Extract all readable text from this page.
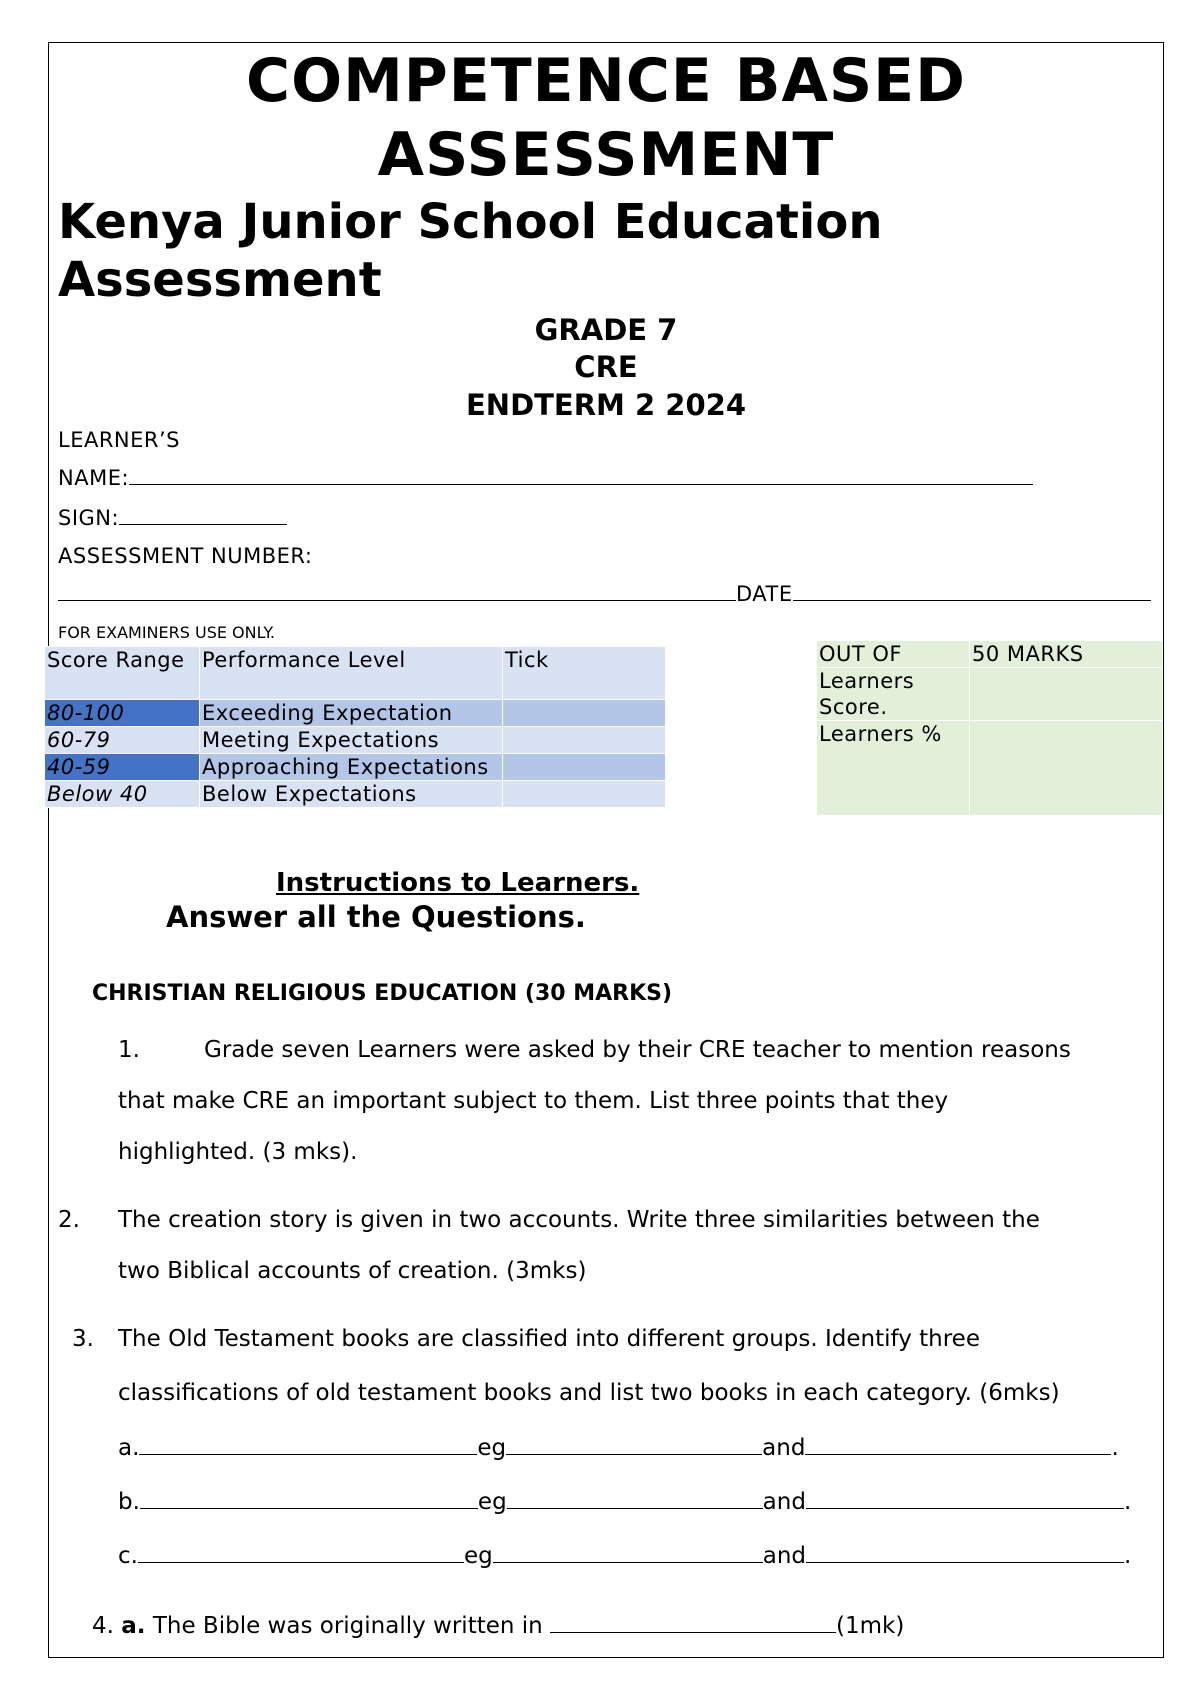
COMPETENCE BASED ASSESSMENT
Kenya Junior School Education Assessment
GRADE 7
CRE
ENDTERM 2 2024
LEARNER’S
NAME:
SIGN:
ASSESSMENT NUMBER:
DATE
FOR EXAMINERS USE ONLY.
Score Range	Performance Level	Tick
80-100	Exceeding Expectation	
60-79	Meeting Expectations	
40-59	Approaching Expectations	
Below 40	Below Expectations	
OUT OF	50 MARKS
Learners Score.	
Learners %	
Instructions to Learners.
Answer all the Questions.
CHRISTIAN RELIGIOUS EDUCATION (30 MARKS)
1.	Grade seven Learners were asked by their CRE teacher to mention reasons
that make CRE an important subject to them. List three points that they
highlighted. (3 mks).
2. The creation story is given in two accounts. Write three similarities between the
two Biblical accounts of creation. (3mks)
3. The Old Testament books are classified into different groups. Identify three
classifications of old testament books and list two books in each category. (6mks)
a.	eg	and	.
b.	eg	and	.
c.	eg	and	.
4. a. The Bible was originally written in	(1mk)
